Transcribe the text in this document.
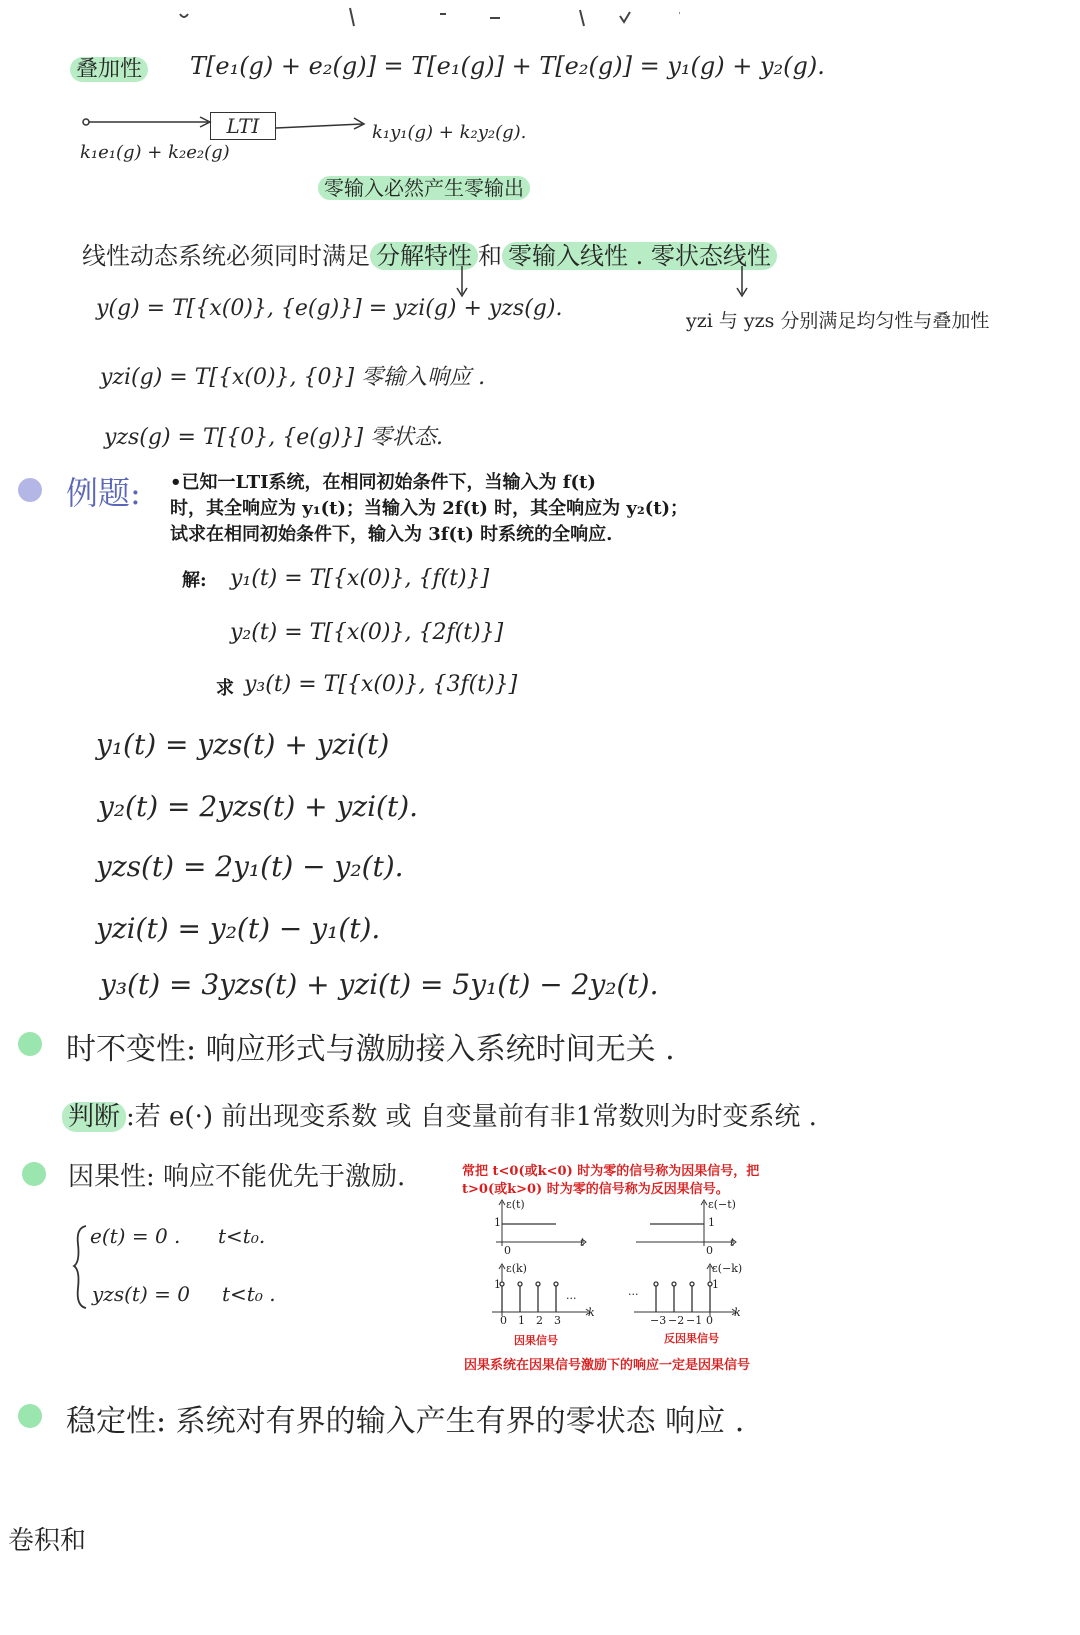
叠加性 T[e₁(g) + e₂(g)] = T[e₁(g)] + T[e₂(g)] = y₁(g) + y₂(g).
LTI
k₁e₁(g) + k₂e₂(g)
k₁y₁(g) + k₂y₂(g).
零输入必然产生零输出
线性动态系统必须同时满足 分解特性 和 零输入线性 . 零状态线性
y(g) = T[{x(0)}, {e(g)}] = yzi(g) + yzs(g).	yzi 与 yzs 分别满足均匀性与叠加性
yzi(g) = T[{x(0)}, {0}] 零输入响应 .
yzs(g) = T[{0}, {e(g)}] 零状态.
例题: •已知一LTI系统，在相同初始条件下，当输入为 f(t)
时，其全响应为 y₁(t)；当输入为 2f(t) 时，其全响应为 y₂(t)；
试求在相同初始条件下，输入为 3f(t) 时系统的全响应.
解: y₁(t) = T[{x(0)}, {f(t)}]
y₂(t) = T[{x(0)}, {2f(t)}]
求 y₃(t) = T[{x(0)}, {3f(t)}]
y₁(t) = yzs(t) + yzi(t)
y₂(t) = 2yzs(t) + yzi(t).
yzs(t) = 2y₁(t) − y₂(t).
yzi(t) = y₂(t) − y₁(t).
y₃(t) = 3yzs(t) + yzi(t) = 5y₁(t) − 2y₂(t).
时不变性: 响应形式与激励接入系统时间无关 .
判断 :若 e(·) 前出现变系数 或 自变量前有非1常数则为时变系统 .
因果性: 响应不能优先于激励.
e(t) = 0 . t<t₀.
yzs(t) = 0 t<t₀ .
常把 t<0(或k<0) 时为零的信号称为因果信号，把
t>0(或k>0) 时为零的信号称为反因果信号。
ε(t)	ε(−t)
1	1
0	0
t	t
ε(k)	ε(−k)
1	1
···	···
k	k
0 1 2 3	−3 −2 −1 0
因果信号	反因果信号
因果系统在因果信号激励下的响应一定是因果信号
稳定性: 系统对有界的输入产生有界的零状态 响应 .
卷积和
